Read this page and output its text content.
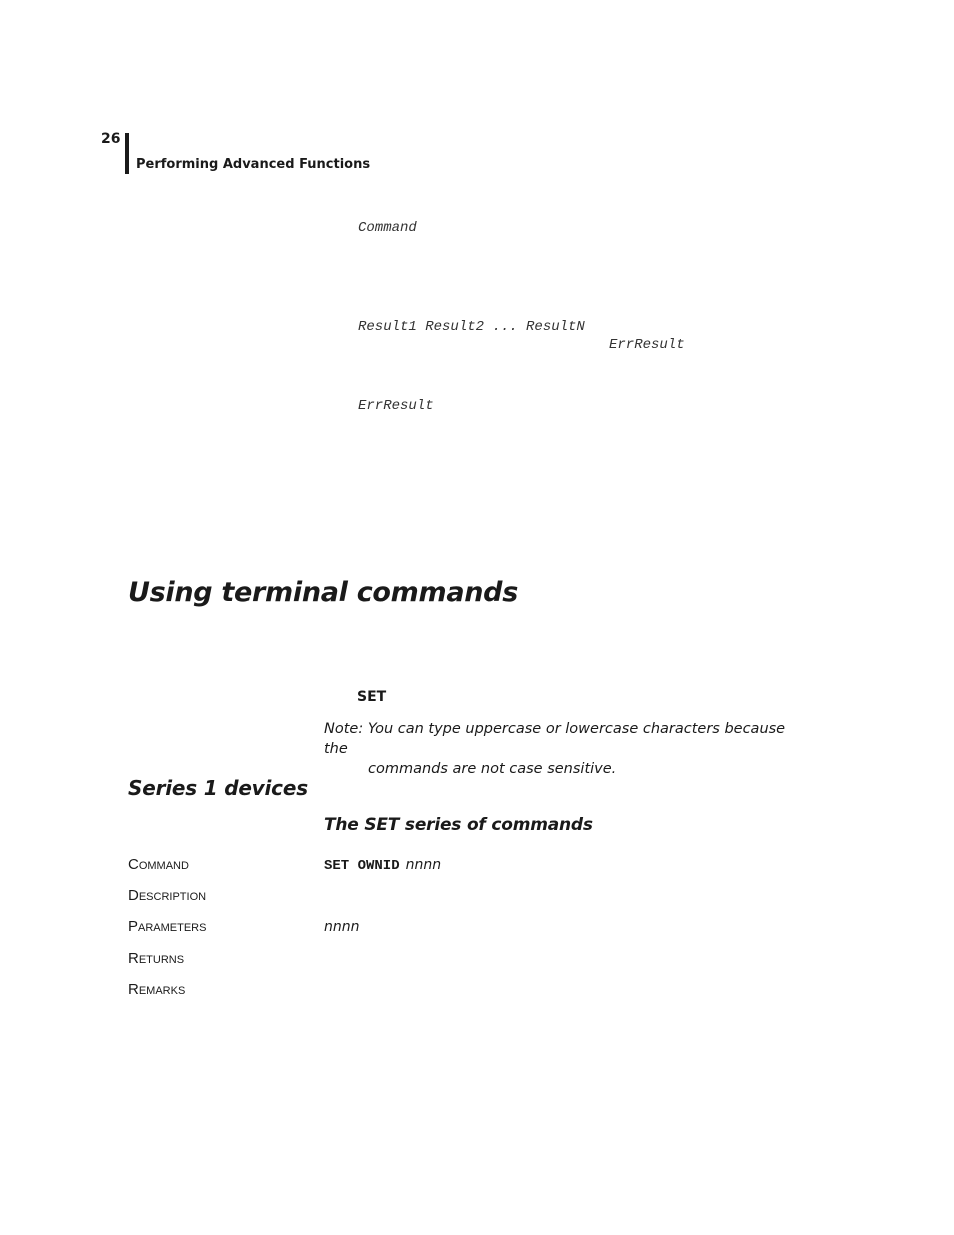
26
Performing Advanced Functions
Command
Result1 Result2 ... ResultN
ErrResult
ErrResult
Using terminal commands
SET
Note: You can type uppercase or lowercase characters because the
commands are not case sensitive.
Series 1 devices
The SET series of commands
Command	SET OWNID nnnn
Description
Parameters	nnnn
Returns
Remarks
